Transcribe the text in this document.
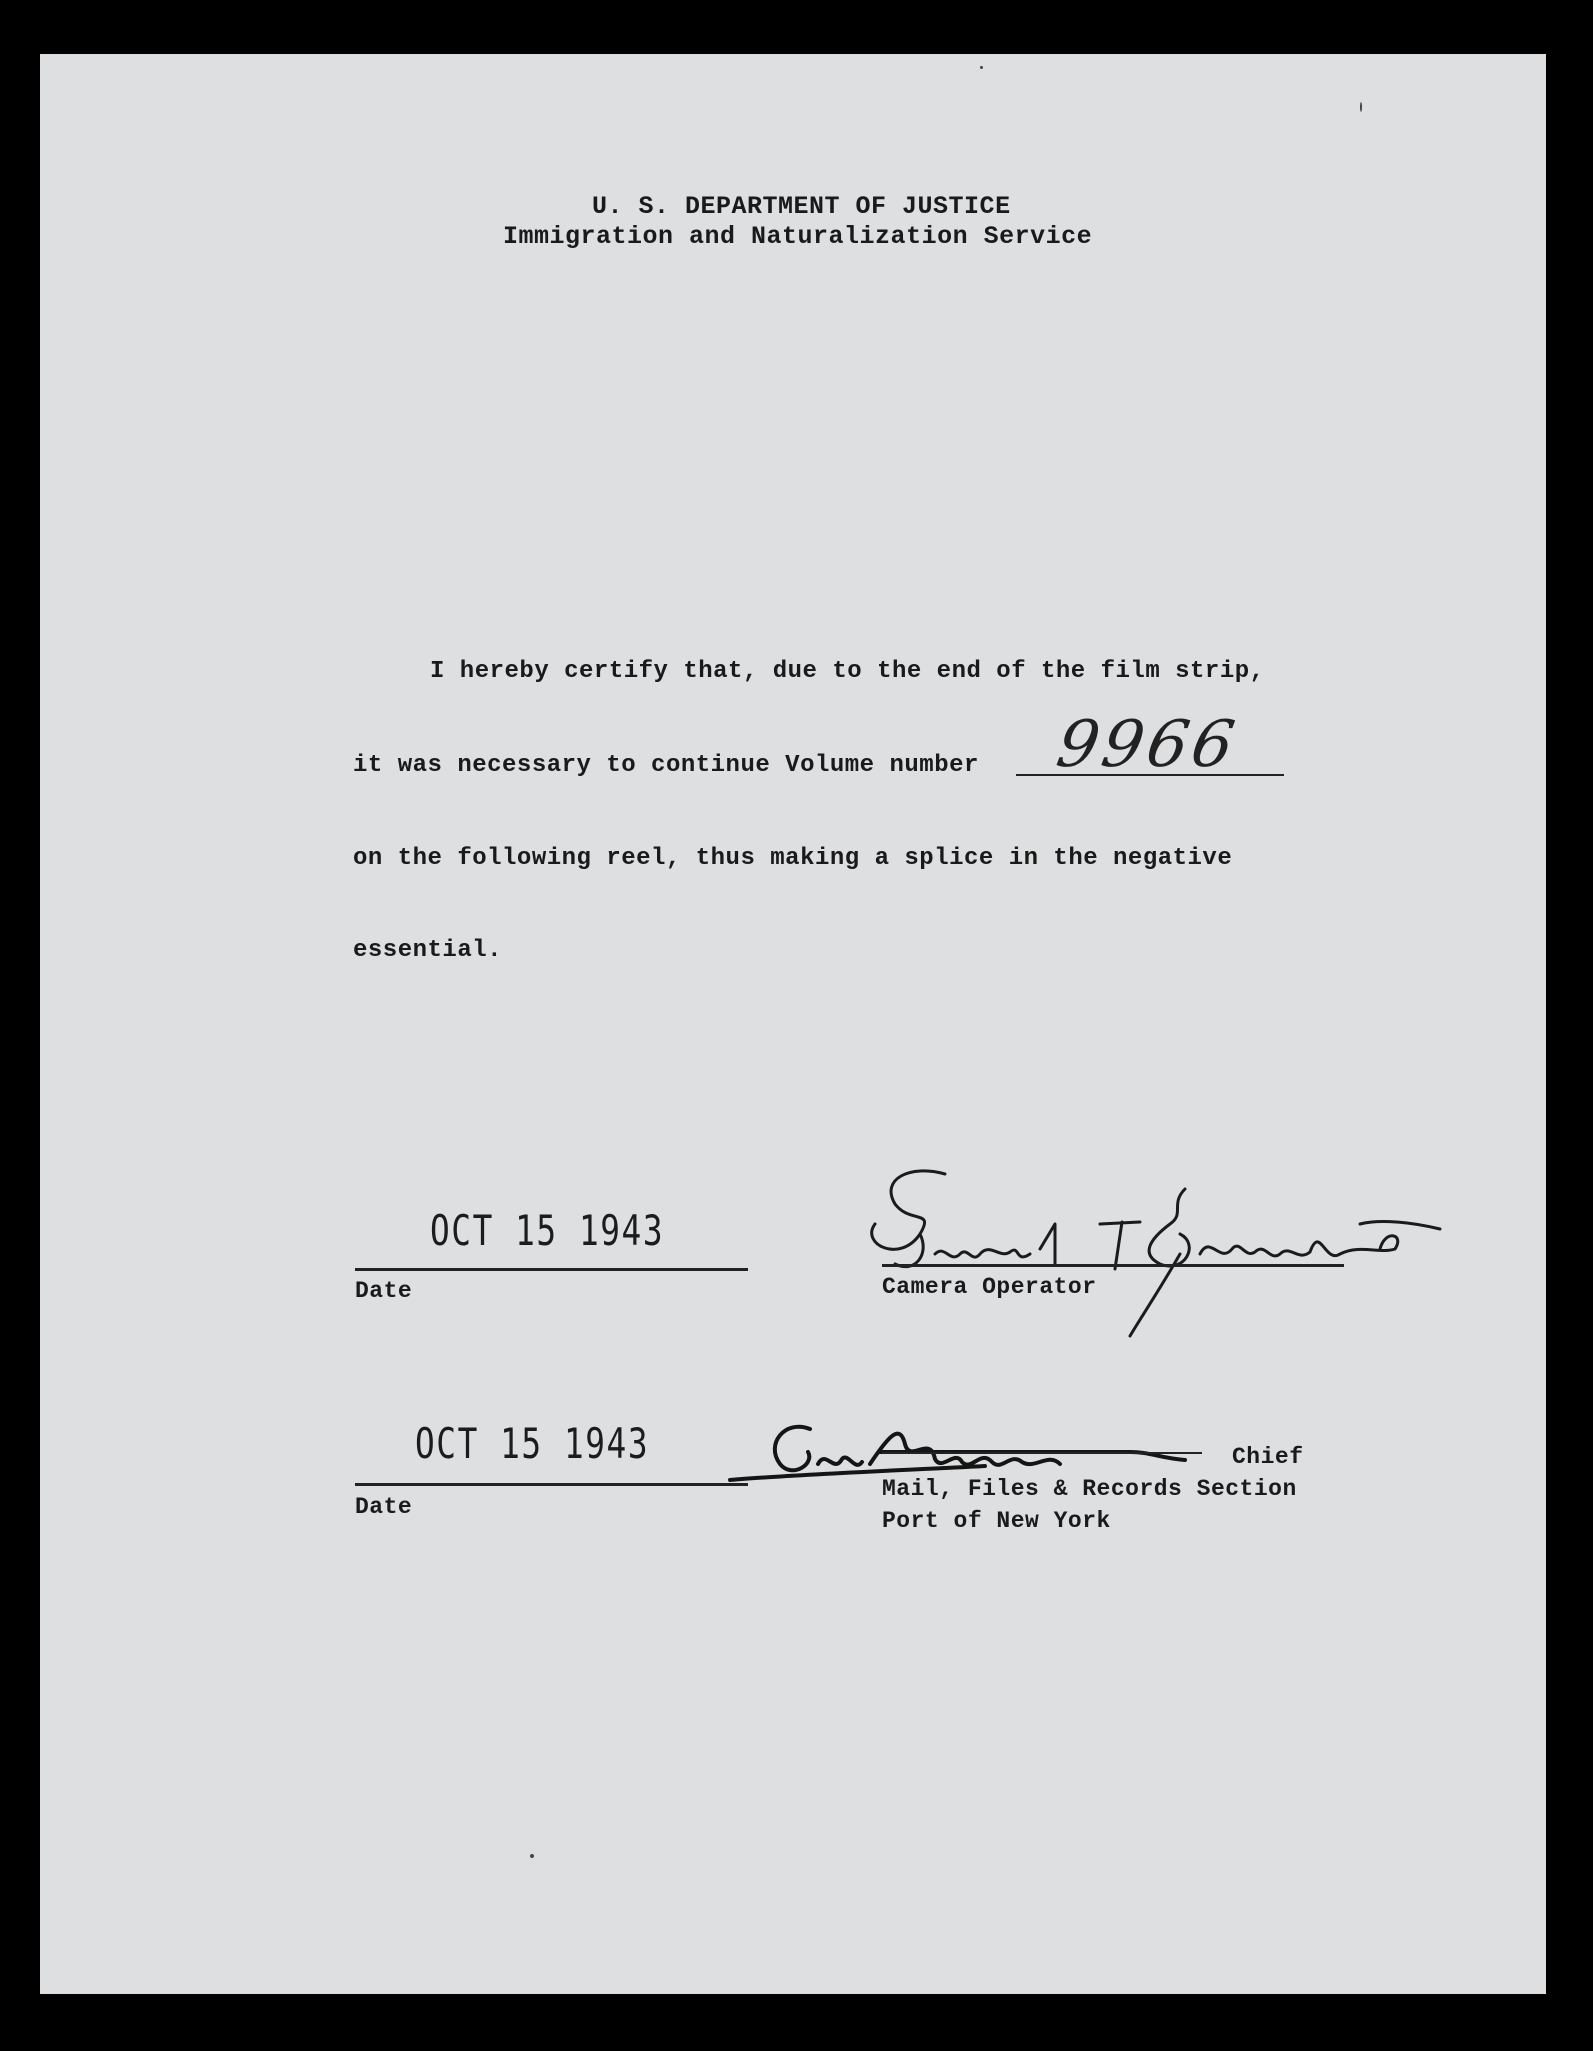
U. S. DEPARTMENT OF JUSTICE
Immigration and Naturalization Service
I hereby certify that, due to the end of the film strip,
it was necessary to continue Volume number 9966
on the following reel, thus making a splice in the negative
essential.
OCT 15 1943
Date	Camera Operator
OCT 15 1943
Date
Chief
Mail, Files & Records Section
Port of New York
